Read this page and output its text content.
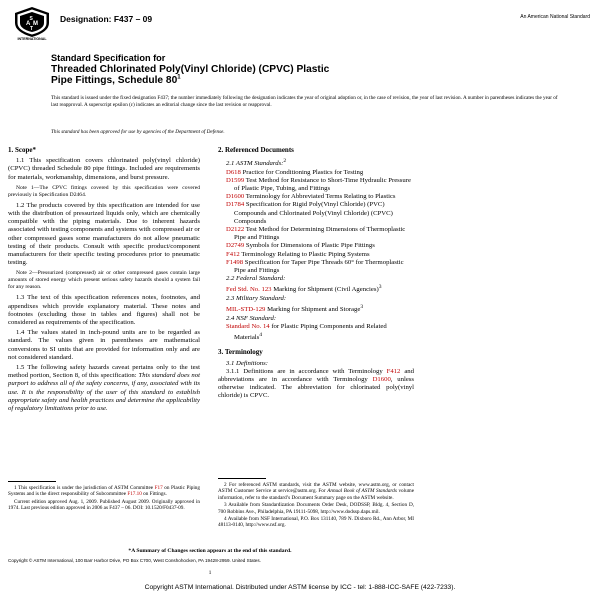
A M
S
T
INTERNATIONAL
Designation: F437 – 09	An American National Standard
Standard Specification for
Threaded Chlorinated Poly(Vinyl Chloride) (CPVC) Plastic
Pipe Fittings, Schedule $80^1$
This standard is issued under the fixed designation F437; the number immediately following the designation indicates the year of original adoption or, in the case of revision, the year of last revision. A number in parentheses indicates the year of last reapproval. A superscript epsilon (ε) indicates an editorial change since the last revision or reapproval.
This standard has been approved for use by agencies of the Department of Defense.
1. Scope*

1.1 This specification covers chlorinated poly(vinyl chloride) (CPVC) threaded Schedule 80 pipe fittings. Included are requirements for materials, workmanship, dimensions, and burst pressure.

Note 1—The CPVC fittings covered by this specification were covered previously in Specification D2464.

1.2 The products covered by this specification are intended for use with the distribution of pressurized liquids only, which are chemically compatible with the piping materials. Due to inherent hazards associated with testing components and systems with compressed air or other compressed gases some manufacturers do not allow pneumatic testing of their products. Consult with specific product/component manufacturers for their specific testing procedures prior to pneumatic testing.

Note 2—Pressurized (compressed) air or other compressed gases contain large amounts of stored energy which present serious safety hazards should a system fail for any reason.

1.3 The text of this specification references notes, footnotes, and appendixes which provide explanatory material. These notes and footnotes (excluding those in tables and figures) shall not be considered as requirements of the specification.

1.4 The values stated in inch-pound units are to be regarded as standard. The values given in parentheses are mathematical conversions to SI units that are provided for information only and are not considered standard.

1.5 The following safety hazards caveat pertains only to the test method portion, Section 8, of this specification: This standard does not purport to address all of the safety concerns, if any, associated with its use. It is the responsibility of the user of this standard to establish appropriate safety and health practices and determine the applicability of regulatory limitations prior to use.

1 This specification is under the jurisdiction of ASTM Committee F17 on Plastic Piping Systems and is the direct responsibility of Subcommittee F17.10 on Fittings.

Current edition approved Aug. 1, 2009. Published August 2009. Originally approved in 1974. Last previous edition approved in 2006 as F437 – 06. DOI: 10.1520/F0437-09.

2. Referenced Documents

2.1 ASTM Standards:$^2$

D618 Practice for Conditioning Plastics for Testing

D1599 Test Method for Resistance to Short-Time Hydraulic Pressure of Plastic Pipe, Tubing, and Fittings

D1600 Terminology for Abbreviated Terms Relating to Plastics

D1784 Specification for Rigid Poly(Vinyl Chloride) (PVC) Compounds and Chlorinated Poly(Vinyl Chloride) (CPVC) Compounds

D2122 Test Method for Determining Dimensions of Thermoplastic Pipe and Fittings

D2749 Symbols for Dimensions of Plastic Pipe Fittings

F412 Terminology Relating to Plastic Piping Systems

F1498 Specification for Taper Pipe Threads 60° for Thermoplastic Pipe and Fittings

2.2 Federal Standard:

Fed Std. No. 123 Marking for Shipment (Civil Agencies)$^3$

2.3 Military Standard:

MIL-STD-129 Marking for Shipment and Storage$^3$

2.4 NSF Standard:

Standard No. 14 for Plastic Piping Components and Related Materials$^4$

3. Terminology

3.1 Definitions:

3.1.1 Definitions are in accordance with Terminology F412 and abbreviations are in accordance with Terminology D1600, unless otherwise indicated. The abbreviation for chlorinated poly(vinyl chloride) is CPVC.

2 For referenced ASTM standards, visit the ASTM website, www.astm.org, or contact ASTM Customer Service at service@astm.org. For Annual Book of ASTM Standards volume information, refer to the standard’s Document Summary page on the ASTM website.

3 Available from Standardization Documents Order Desk, DODSSP, Bldg. 4, Section D, 700 Robbins Ave., Philadelphia, PA 19111-5098, http://www.dodssp.daps.mil.

4 Available from NSF International, P.O. Box 131140, 789 N. Dixboro Rd., Ann Arbor, MI 48113-0140, http://www.nsf.org.

*A Summary of Changes section appears at the end of this standard.
Copyright © ASTM International, 100 Barr Harbor Drive, PO Box C700, West Conshohocken, PA 19428-2959. United States.
1
Copyright ASTM International. Distributed under ASTM license by ICC - tel: 1-888-ICC-SAFE (422-7233).
